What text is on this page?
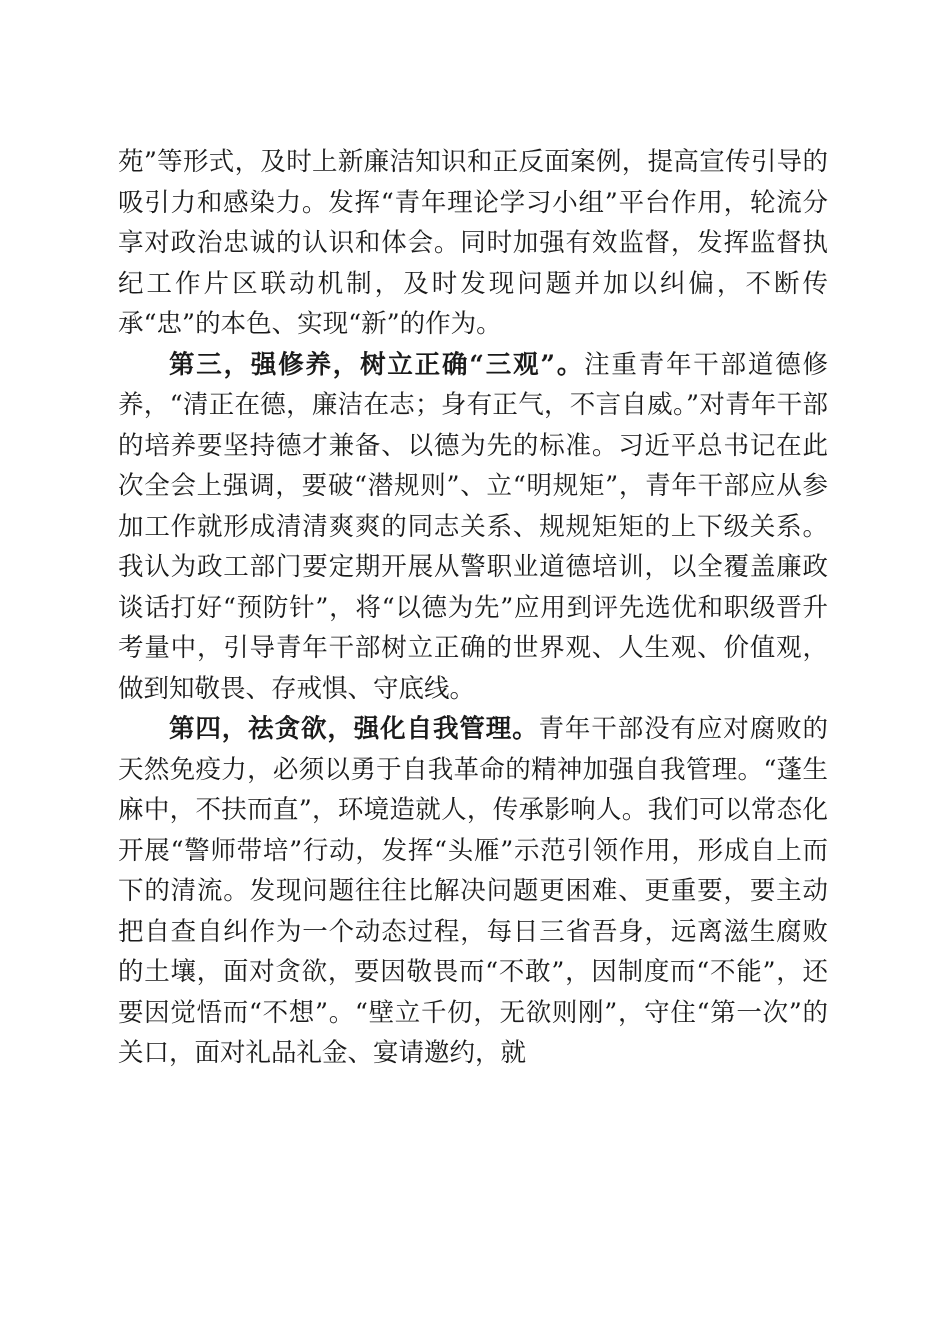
苑”等形式，及时上新廉洁知识和正反面案例，提高宣传引导的吸引力和感染力。发挥“青年理论学习小组”平台作用，轮流分享对政治忠诚的认识和体会。同时加强有效监督，发挥监督执纪工作片区联动机制，及时发现问题并加以纠偏，不断传承“忠”的本色、实现“新”的作为。

第三，强修养，树立正确“三观”。注重青年干部道德修养，“清正在德，廉洁在志；身有正气，不言自威。”对青年干部的培养要坚持德才兼备、以德为先的标准。习近平总书记在此次全会上强调，要破“潜规则”、立“明规矩”，青年干部应从参加工作就形成清清爽爽的同志关系、规规矩矩的上下级关系。我认为政工部门要定期开展从警职业道德培训，以全覆盖廉政谈话打好“预防针”，将“以德为先”应用到评先选优和职级晋升考量中，引导青年干部树立正确的世界观、人生观、价值观，做到知敬畏、存戒惧、守底线。

第四，祛贪欲，强化自我管理。青年干部没有应对腐败的天然免疫力，必须以勇于自我革命的精神加强自我管理。“蓬生麻中，不扶而直”，环境造就人，传承影响人。我们可以常态化开展“警师带培”行动，发挥“头雁”示范引领作用，形成自上而下的清流。发现问题往往比解决问题更困难、更重要，要主动把自查自纠作为一个动态过程，每日三省吾身，远离滋生腐败的土壤，面对贪欲，要因敬畏而“不敢”，因制度而“不能”，还要因觉悟而“不想”。“壁立千仞，无欲则刚”，守住“第一次”的关口，面对礼品礼金、宴请邀约，就
